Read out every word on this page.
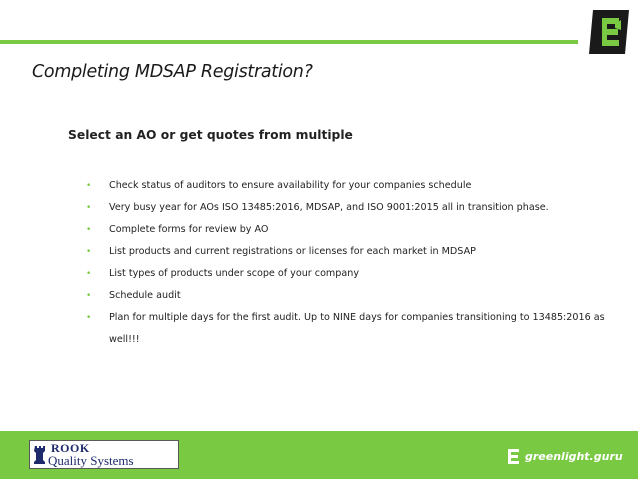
Completing MDSAP Registration?
Select an AO or get quotes from multiple
• Check status of auditors to ensure availability for your companies schedule
• Very busy year for AOs ISO 13485:2016, MDSAP, and ISO 9001:2015 all in transition phase.
• Complete forms for review by AO
• List products and current registrations or licenses for each market in MDSAP
• List types of products under scope of your company
• Schedule audit
• Plan for multiple days for the first audit. Up to NINE days for companies transitioning to 13485:2016 as well!!!
ROOK
Quality Systems	greenlight.guru
